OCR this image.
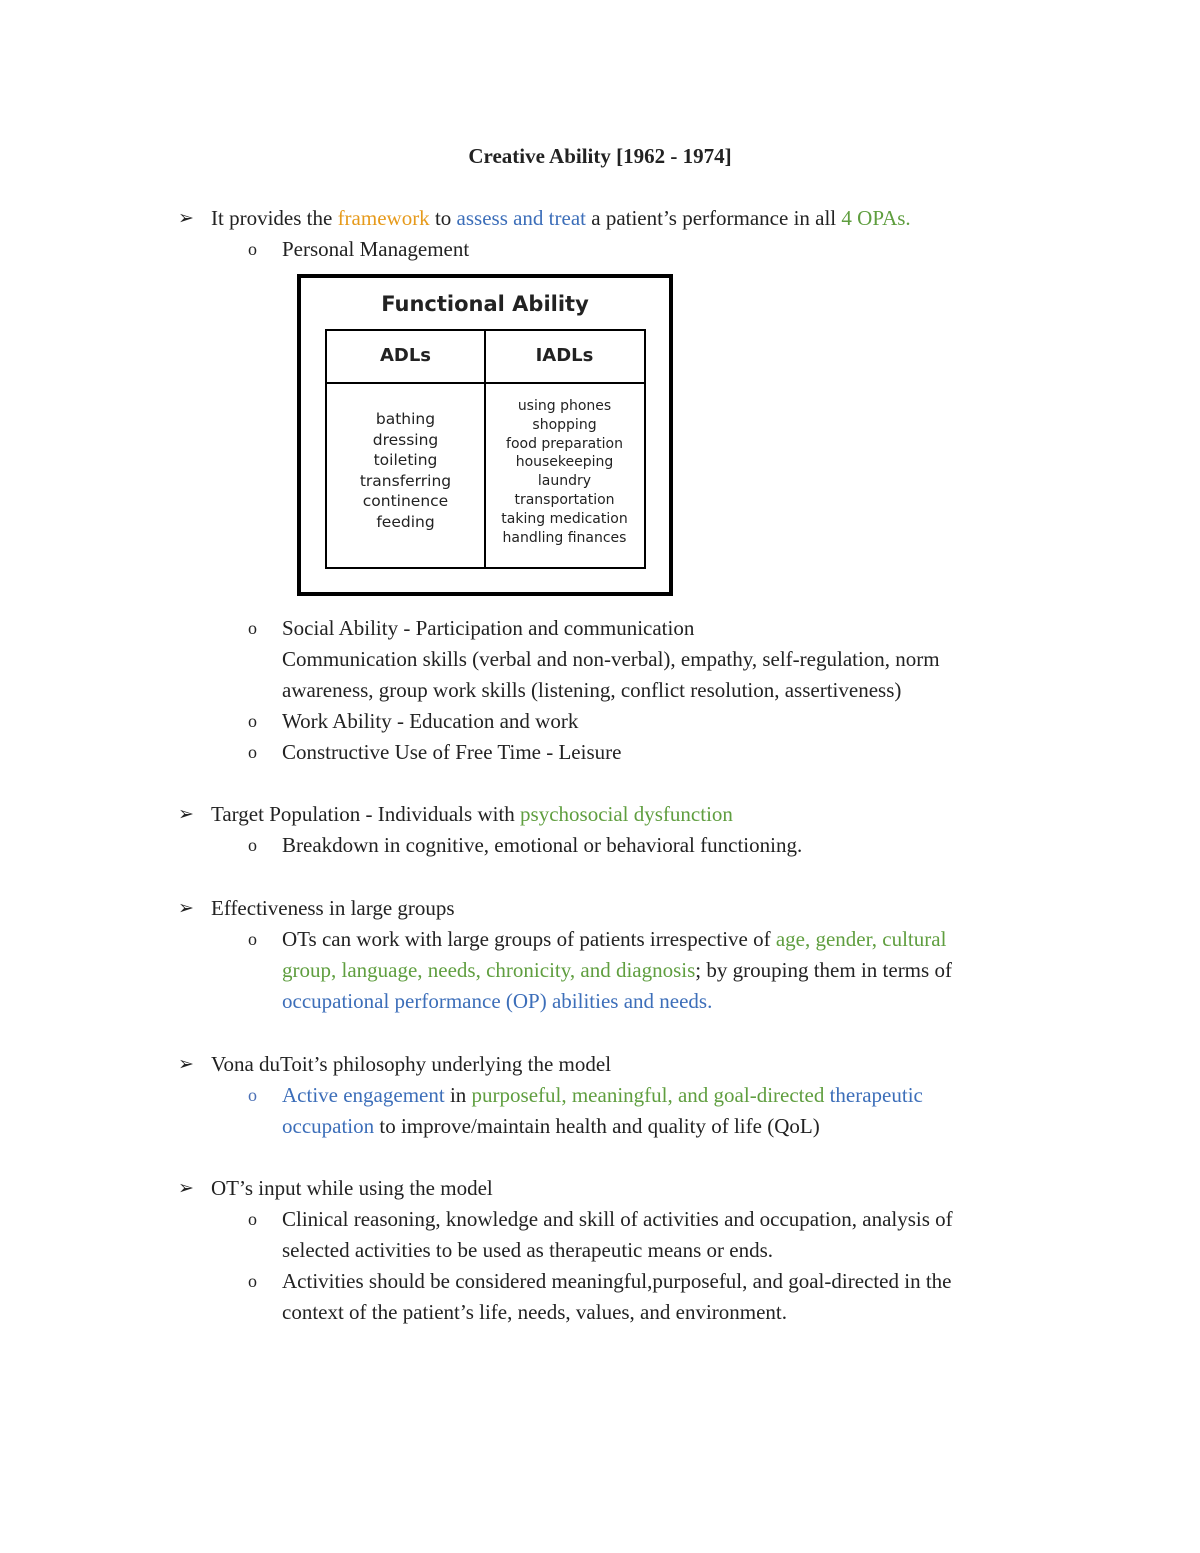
Creative Ability [1962 - 1974]
➢ It provides the framework to assess and treat a patient’s performance in all 4 OPAs.
o Personal Management
Functional Ability
ADLs	IADLs
bathing
dressing
toileting
transferring
continence
feeding
using phones
shopping
food preparation
housekeeping
laundry
transportation
taking medication
handling finances
o Social Ability - Participation and communication
Communication skills (verbal and non-verbal), empathy, self-regulation, norm
awareness, group work skills (listening, conflict resolution, assertiveness)
o Work Ability - Education and work
o Constructive Use of Free Time - Leisure
➢ Target Population - Individuals with psychosocial dysfunction
o Breakdown in cognitive, emotional or behavioral functioning.
➢ Effectiveness in large groups
o OTs can work with large groups of patients irrespective of age, gender, cultural
group, language, needs, chronicity, and diagnosis; by grouping them in terms of
occupational performance (OP) abilities and needs.
➢ Vona duToit’s philosophy underlying the model
o Active engagement in purposeful, meaningful, and goal-directed therapeutic
occupation to improve/maintain health and quality of life (QoL)
➢ OT’s input while using the model
o Clinical reasoning, knowledge and skill of activities and occupation, analysis of
selected activities to be used as therapeutic means or ends.
o Activities should be considered meaningful,purposeful, and goal-directed in the
context of the patient’s life, needs, values, and environment.
